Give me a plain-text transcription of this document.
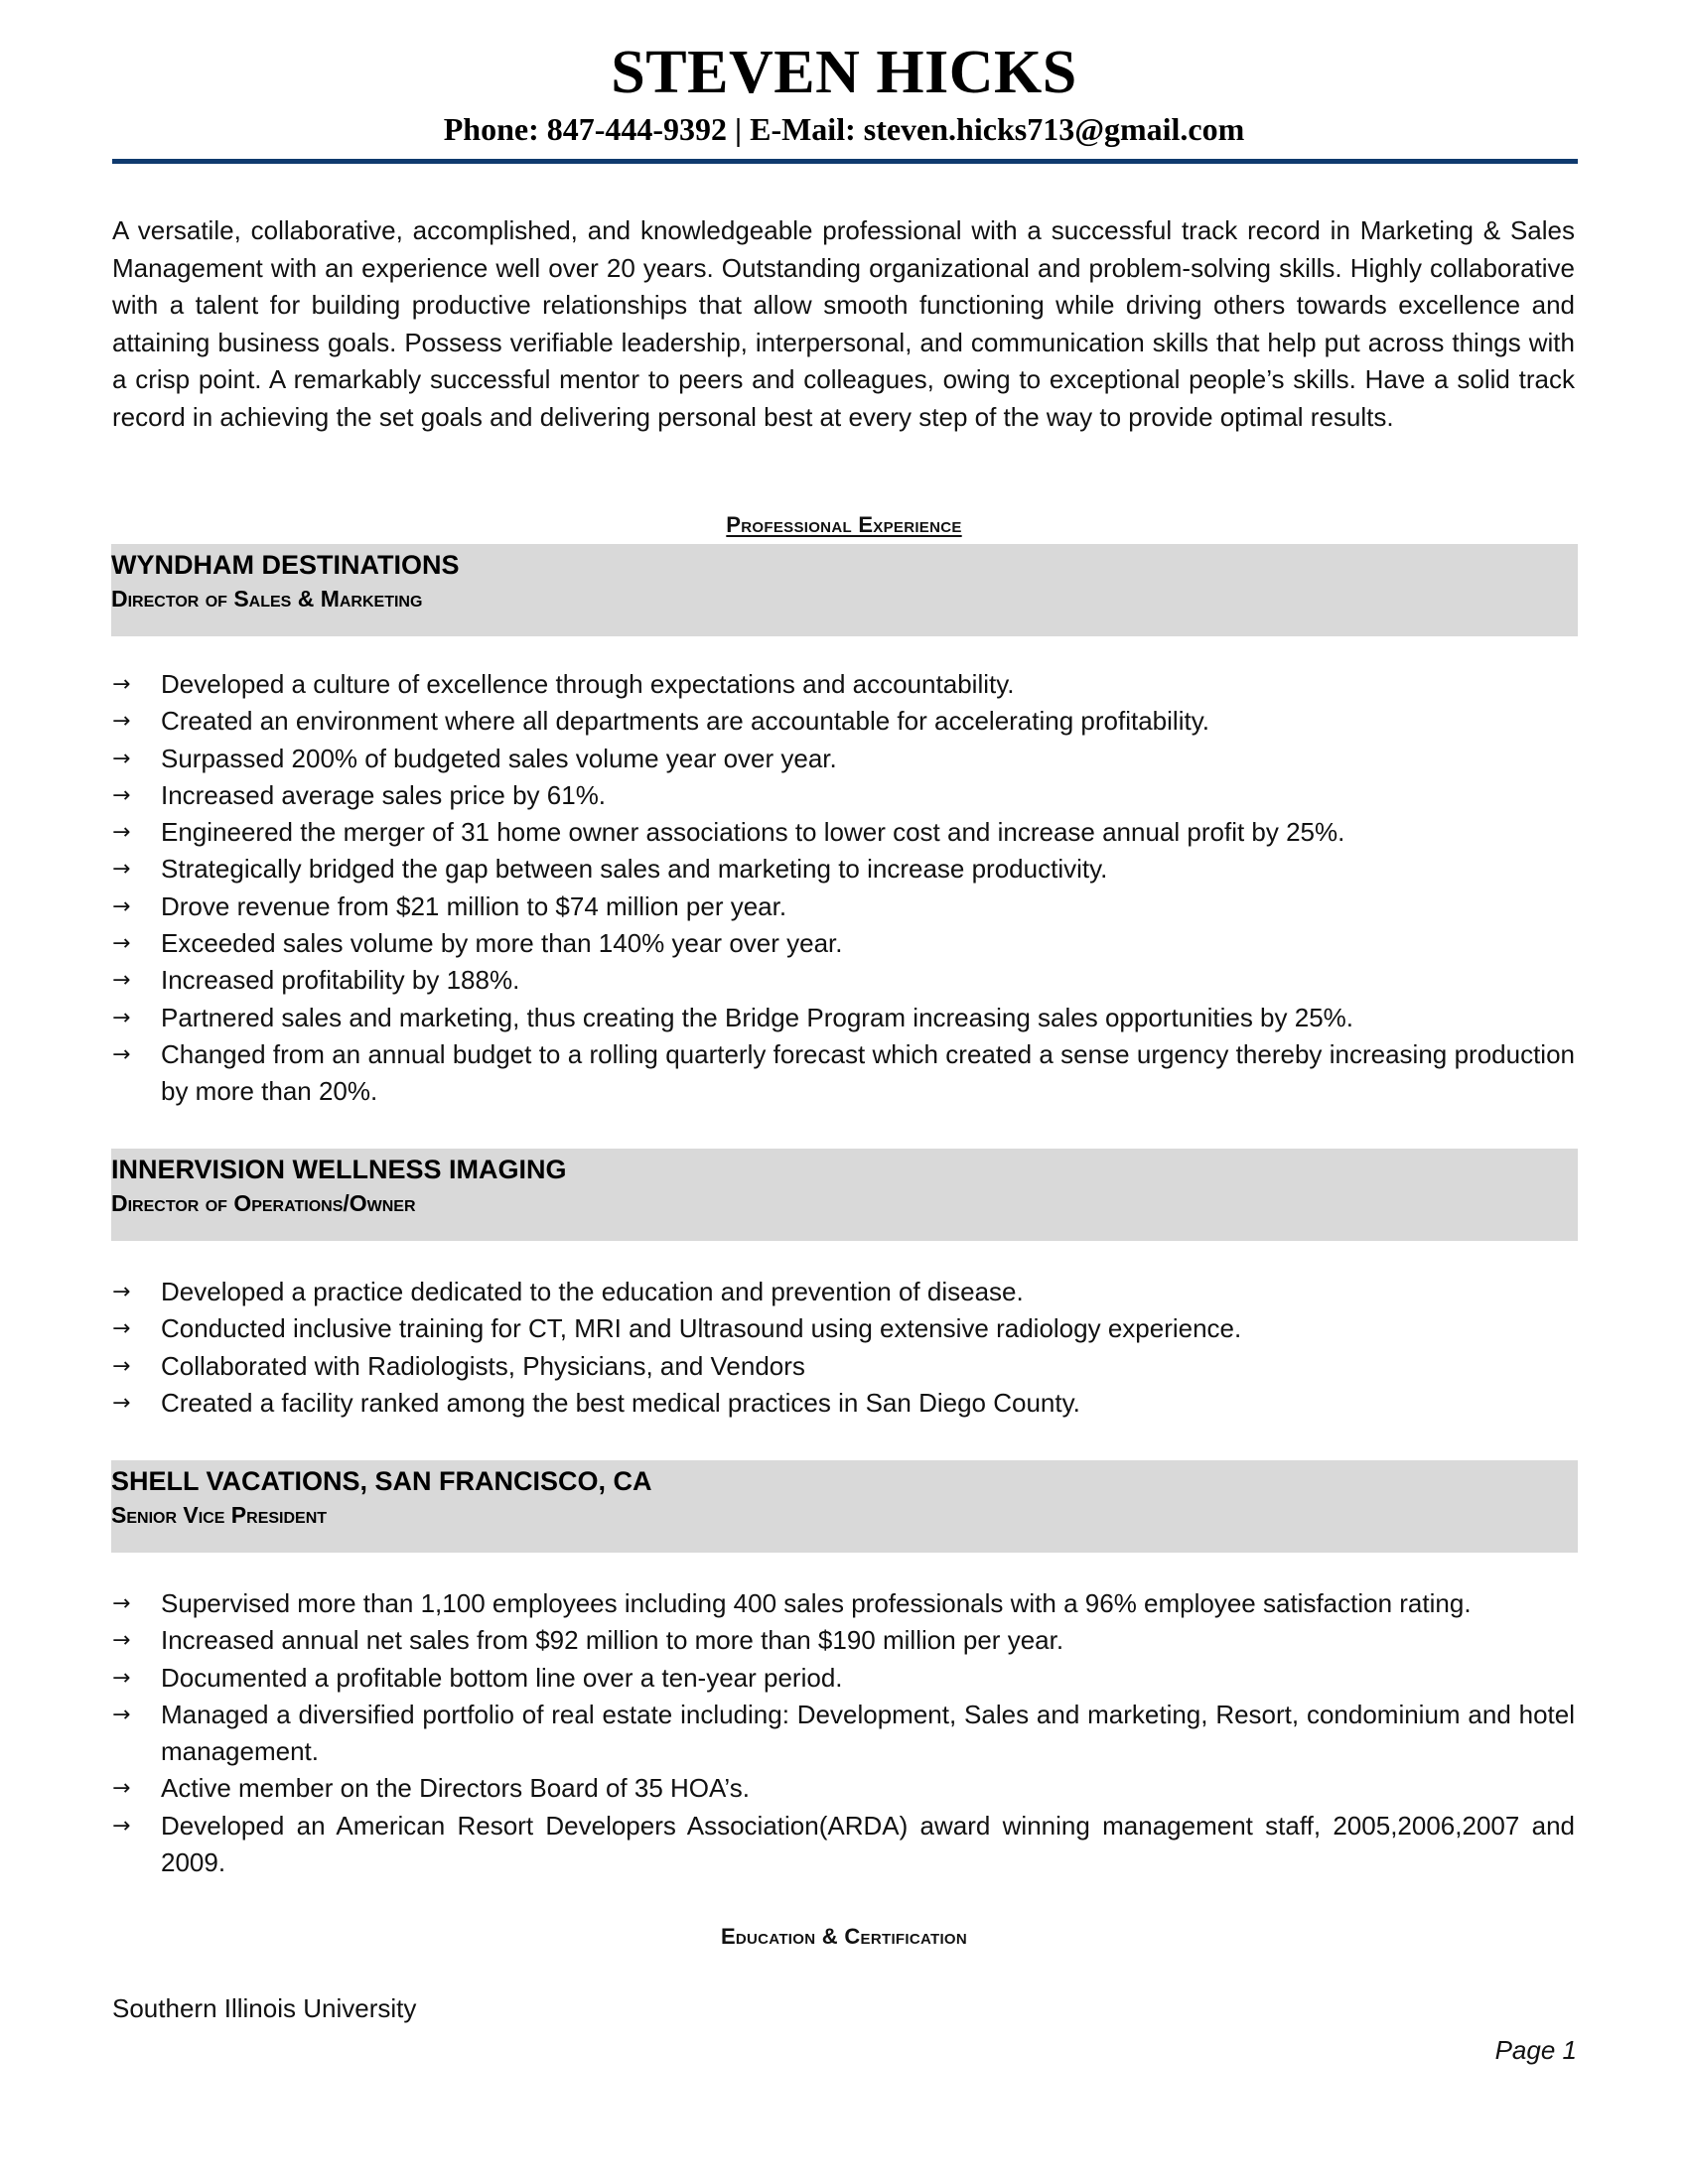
STEVEN HICKS
Phone: 847-444-9392 | E-Mail: steven.hicks713@gmail.com

A versatile, collaborative, accomplished, and knowledgeable professional with a successful track record in Marketing & Sales Management with an experience well over 20 years. Outstanding organizational and problem-solving skills. Highly collaborative with a talent for building productive relationships that allow smooth functioning while driving others towards excellence and attaining business goals. Possess verifiable leadership, interpersonal, and communication skills that help put across things with a crisp point. A remarkably successful mentor to peers and colleagues, owing to exceptional people’s skills. Have a solid track record in achieving the set goals and delivering personal best at every step of the way to provide optimal results.

Professional Experience
WYNDHAM DESTINATIONS
Director of Sales & Marketing
→	Developed a culture of excellence through expectations and accountability.
→	Created an environment where all departments are accountable for accelerating profitability.
→	Surpassed 200% of budgeted sales volume year over year.
→	Increased average sales price by 61%.
→	Engineered the merger of 31 home owner associations to lower cost and increase annual profit by 25%.
→	Strategically bridged the gap between sales and marketing to increase productivity.
→	Drove revenue from $21 million to $74 million per year.
→	Exceeded sales volume by more than 140% year over year.
→	Increased profitability by 188%.
→	Partnered sales and marketing, thus creating the Bridge Program increasing sales opportunities by 25%.
→	Changed from an annual budget to a rolling quarterly forecast which created a sense urgency thereby increasing production by more than 20%.
INNERVISION WELLNESS IMAGING
Director of Operations/Owner
→	Developed a practice dedicated to the education and prevention of disease.
→	Conducted inclusive training for CT, MRI and Ultrasound using extensive radiology experience.
→	Collaborated with Radiologists, Physicians, and Vendors
→	Created a facility ranked among the best medical practices in San Diego County.
SHELL VACATIONS, SAN FRANCISCO, CA
Senior Vice President
→	Supervised more than 1,100 employees including 400 sales professionals with a 96% employee satisfaction rating.
→	Increased annual net sales from $92 million to more than $190 million per year.
→	Documented a profitable bottom line over a ten-year period.
→	Managed a diversified portfolio of real estate including: Development, Sales and marketing, Resort, condominium and hotel management.
→	Active member on the Directors Board of 35 HOA’s.
→	Developed an American Resort Developers Association(ARDA) award winning management staff, 2005,2006,2007 and 2009.
Education & Certification
Southern Illinois University
Page 1
